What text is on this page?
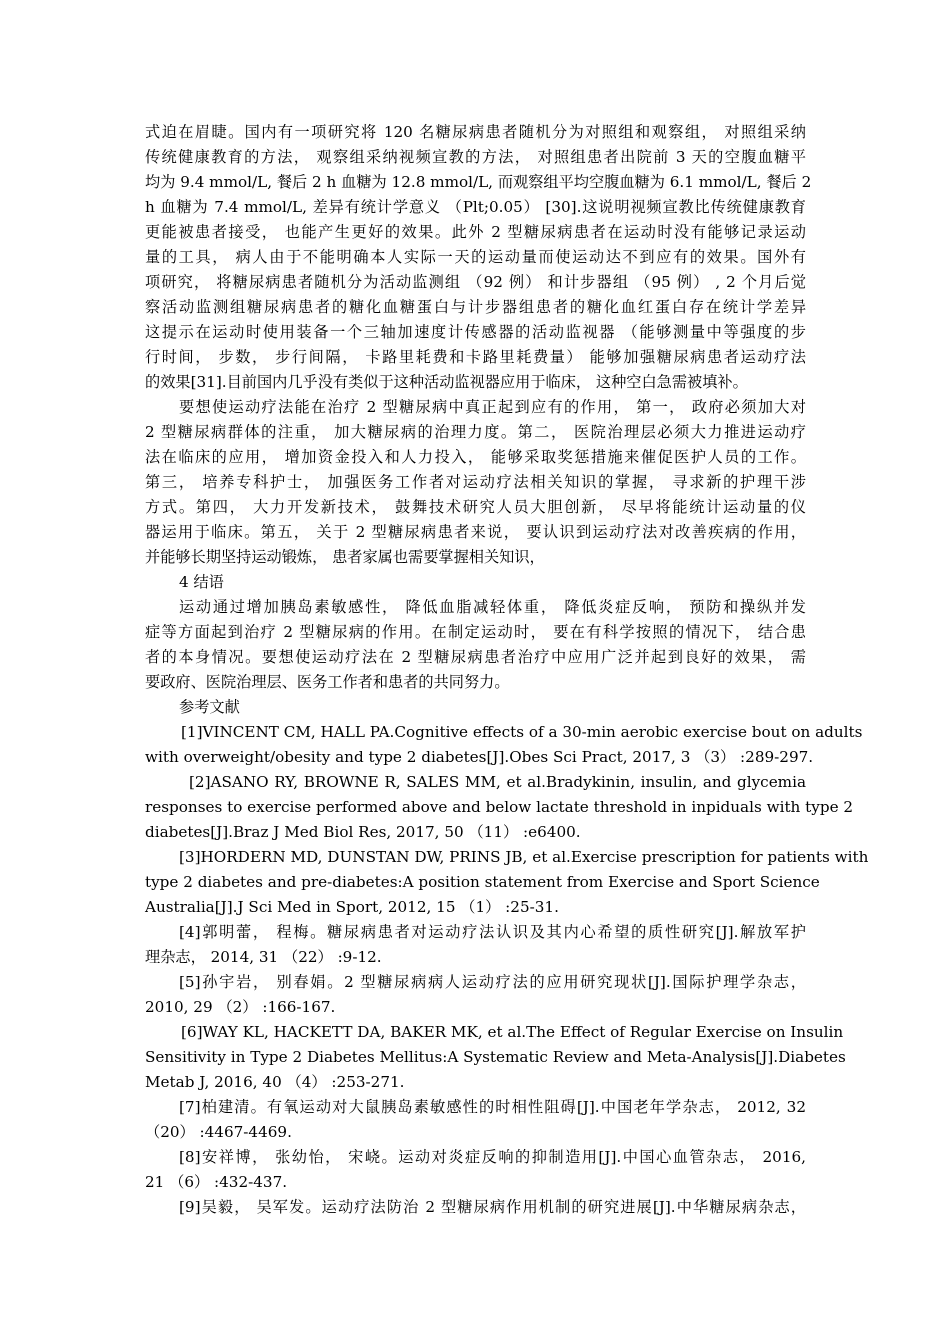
式迫在眉睫。国内有一项研究将 120 名糖尿病患者随机分为对照组和观察组， 对照组采纳
传统健康教育的方法， 观察组采纳视频宣教的方法， 对照组患者出院前 3 天的空腹血糖平
均为 9.4 mmol/L, 餐后 2 h 血糖为 12.8 mmol/L, 而观察组平均空腹血糖为 6.1 mmol/L, 餐后 2
h 血糖为 7.4 mmol/L, 差异有统计学意义 （Plt;0.05） [30].这说明视频宣教比传统健康教育
更能被患者接受， 也能产生更好的效果。此外 2 型糖尿病患者在运动时没有能够记录运动
量的工具， 病人由于不能明确本人实际一天的运动量而使运动达不到应有的效果。国外有
项研究， 将糖尿病患者随机分为活动监测组 （92 例） 和计步器组 （95 例） , 2 个月后觉
察活动监测组糖尿病患者的糖化血糖蛋白与计步器组患者的糖化血红蛋白存在统计学差异
这提示在运动时使用装备一个三轴加速度计传感器的活动监视器 （能够测量中等强度的步
行时间， 步数， 步行间隔， 卡路里耗费和卡路里耗费量） 能够加强糖尿病患者运动疗法
的效果[31].目前国内几乎没有类似于这种活动监视器应用于临床， 这种空白急需被填补。
要想使运动疗法能在治疗 2 型糖尿病中真正起到应有的作用， 第一， 政府必须加大对
2 型糖尿病群体的注重， 加大糖尿病的治理力度。第二， 医院治理层必须大力推进运动疗
法在临床的应用， 增加资金投入和人力投入， 能够采取奖惩措施来催促医护人员的工作。
第三， 培养专科护士， 加强医务工作者对运动疗法相关知识的掌握， 寻求新的护理干涉
方式。第四， 大力开发新技术， 鼓舞技术研究人员大胆创新， 尽早将能统计运动量的仪
器运用于临床。第五， 关于 2 型糖尿病患者来说， 要认识到运动疗法对改善疾病的作用，
并能够长期坚持运动锻炼， 患者家属也需要掌握相关知识，
4 结语
运动通过增加胰岛素敏感性， 降低血脂减轻体重， 降低炎症反响， 预防和操纵并发
症等方面起到治疗 2 型糖尿病的作用。在制定运动时， 要在有科学按照的情况下， 结合患
者的本身情况。要想使运动疗法在 2 型糖尿病患者治疗中应用广泛并起到良好的效果， 需
要政府、医院治理层、医务工作者和患者的共同努力。
参考文献
[1]VINCENT CM, HALL PA.Cognitive effects of a 30-min aerobic exercise bout on adults
with overweight/obesity and type 2 diabetes[J].Obes Sci Pract, 2017, 3 （3） :289-297.
[2]ASANO RY, BROWNE R, SALES MM, et al.Bradykinin, insulin, and glycemia
responses to exercise performed above and below lactate threshold in inpiduals with type 2
diabetes[J].Braz J Med Biol Res, 2017, 50 （11） :e6400.
[3]HORDERN MD, DUNSTAN DW, PRINS JB, et al.Exercise prescription for patients with
type 2 diabetes and pre-diabetes:A position statement from Exercise and Sport Science
Australia[J].J Sci Med in Sport, 2012, 15 （1） :25-31.
[4]郭明蕾， 程梅。糖尿病患者对运动疗法认识及其内心希望的质性研究[J].解放军护
理杂志， 2014, 31 （22） :9-12.
[5]孙宇岩， 别春娟。2 型糖尿病病人运动疗法的应用研究现状[J].国际护理学杂志，
2010, 29 （2） :166-167.
[6]WAY KL, HACKETT DA, BAKER MK, et al.The Effect of Regular Exercise on Insulin
Sensitivity in Type 2 Diabetes Mellitus:A Systematic Review and Meta-Analysis[J].Diabetes
Metab J, 2016, 40 （4） :253-271.
[7]柏建清。有氧运动对大鼠胰岛素敏感性的时相性阻碍[J].中国老年学杂志， 2012, 32
（20） :4467-4469.
[8]安祥博， 张幼怡， 宋峣。运动对炎症反响的抑制造用[J].中国心血管杂志， 2016,
21 （6） :432-437.
[9]吴毅， 吴军发。运动疗法防治 2 型糖尿病作用机制的研究进展[J].中华糖尿病杂志，
